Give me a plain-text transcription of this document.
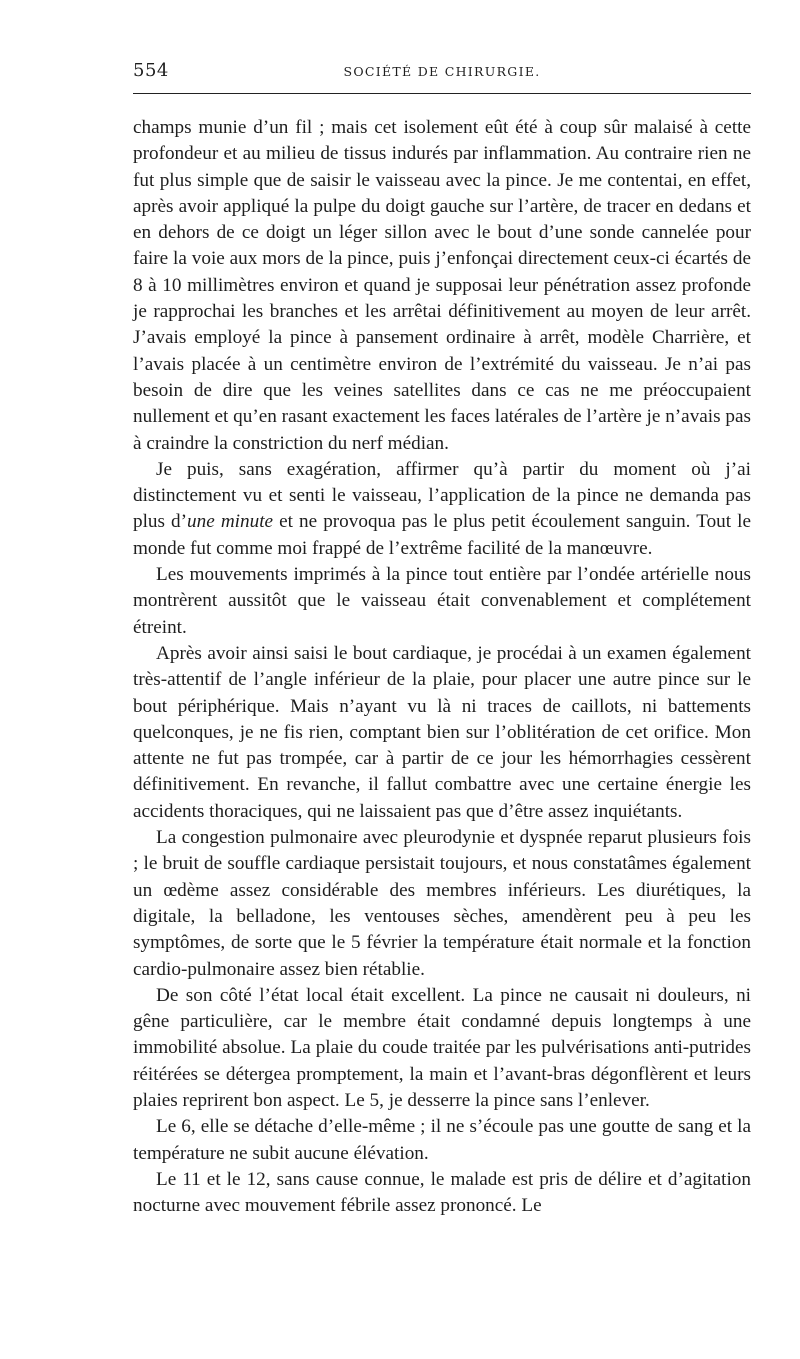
554	SOCIÉTÉ DE CHIRURGIE.

champs munie d’un fil ; mais cet isolement eût été à coup sûr malaisé à cette profondeur et au milieu de tissus indurés par inflammation. Au contraire rien ne fut plus simple que de saisir le vaisseau avec la pince. Je me contentai, en effet, après avoir appliqué la pulpe du doigt gauche sur l’artère, de tracer en dedans et en dehors de ce doigt un léger sillon avec le bout d’une sonde cannelée pour faire la voie aux mors de la pince, puis j’enfonçai directement ceux-ci écartés de 8 à 10 millimètres environ et quand je supposai leur pénétration assez profonde je rapprochai les branches et les arrêtai définitivement au moyen de leur arrêt. J’avais employé la pince à pansement ordinaire à arrêt, modèle Charrière, et l’avais placée à un centimètre environ de l’extrémité du vaisseau. Je n’ai pas besoin de dire que les veines satellites dans ce cas ne me préoccupaient nullement et qu’en rasant exactement les faces latérales de l’artère je n’avais pas à craindre la constriction du nerf médian.

Je puis, sans exagération, affirmer qu’à partir du moment où j’ai distinctement vu et senti le vaisseau, l’application de la pince ne demanda pas plus d’une minute et ne provoqua pas le plus petit écoulement sanguin. Tout le monde fut comme moi frappé de l’extrême facilité de la manœuvre.

Les mouvements imprimés à la pince tout entière par l’ondée artérielle nous montrèrent aussitôt que le vaisseau était convenablement et complétement étreint.

Après avoir ainsi saisi le bout cardiaque, je procédai à un examen également très-attentif de l’angle inférieur de la plaie, pour placer une autre pince sur le bout périphérique. Mais n’ayant vu là ni traces de caillots, ni battements quelconques, je ne fis rien, comptant bien sur l’oblitération de cet orifice. Mon attente ne fut pas trompée, car à partir de ce jour les hémorrhagies cessèrent définitivement. En revanche, il fallut combattre avec une certaine énergie les accidents thoraciques, qui ne laissaient pas que d’être assez inquiétants.

La congestion pulmonaire avec pleurodynie et dyspnée reparut plusieurs fois ; le bruit de souffle cardiaque persistait toujours, et nous constatâmes également un œdème assez considérable des membres inférieurs. Les diurétiques, la digitale, la belladone, les ventouses sèches, amendèrent peu à peu les symptômes, de sorte que le 5 février la température était normale et la fonction cardio-pulmonaire assez bien rétablie.

De son côté l’état local était excellent. La pince ne causait ni douleurs, ni gêne particulière, car le membre était condamné depuis longtemps à une immobilité absolue. La plaie du coude traitée par les pulvérisations anti-putrides réitérées se détergea promptement, la main et l’avant-bras dégonflèrent et leurs plaies reprirent bon aspect. Le 5, je desserre la pince sans l’enlever.

Le 6, elle se détache d’elle-même ; il ne s’écoule pas une goutte de sang et la température ne subit aucune élévation.

Le 11 et le 12, sans cause connue, le malade est pris de délire et d’agitation nocturne avec mouvement fébrile assez prononcé. Le
